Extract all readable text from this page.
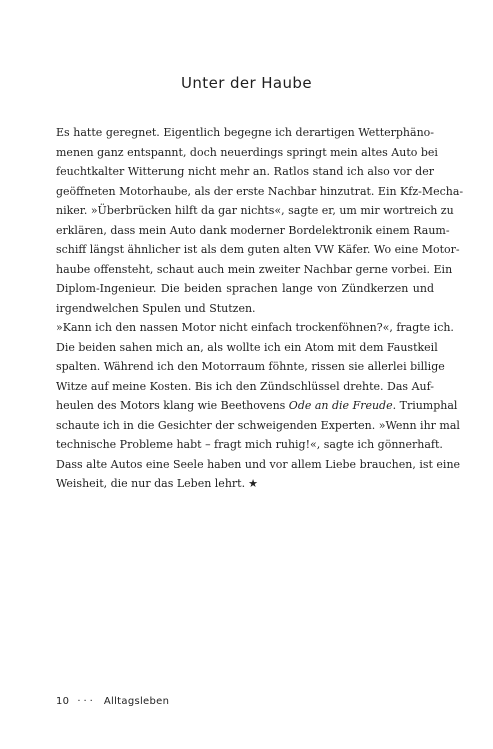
Unter der Haube

Es hatte geregnet. Eigentlich begegne ich derartigen Wetterphäno-
menen ganz entspannt, doch neuerdings springt mein altes Auto bei
feuchtkalter Witterung nicht mehr an. Ratlos stand ich also vor der
geöffneten Motorhaube, als der erste Nachbar hinzutrat. Ein Kfz-Mecha-
niker. »Überbrücken hilft da gar nichts«, sagte er, um mir wortreich zu
erklären, dass mein Auto dank moderner Bordelektronik einem Raum-
schiff längst ähnlicher ist als dem guten alten VW Käfer. Wo eine Motor-
haube offensteht, schaut auch mein zweiter Nachbar gerne vorbei. Ein
Diplom-Ingenieur. Die beiden sprachen lange von Zündkerzen und
irgendwelchen Spulen und Stutzen.

»Kann ich den nassen Motor nicht einfach trockenföhnen?«, fragte ich.
Die beiden sahen mich an, als wollte ich ein Atom mit dem Faustkeil
spalten. Während ich den Motorraum föhnte, rissen sie allerlei billige
Witze auf meine Kosten. Bis ich den Zündschlüssel drehte. Das Auf-
heulen des Motors klang wie Beethovens Ode an die Freude. Triumphal
schaute ich in die Gesichter der schweigenden Experten. »Wenn ihr mal
technische Probleme habt – fragt mich ruhig!«, sagte ich gönnerhaft.
Dass alte Autos eine Seele haben und vor allem Liebe brauchen, ist eine
Weisheit, die nur das Leben lehrt. ★

10 ··· Alltagsleben
